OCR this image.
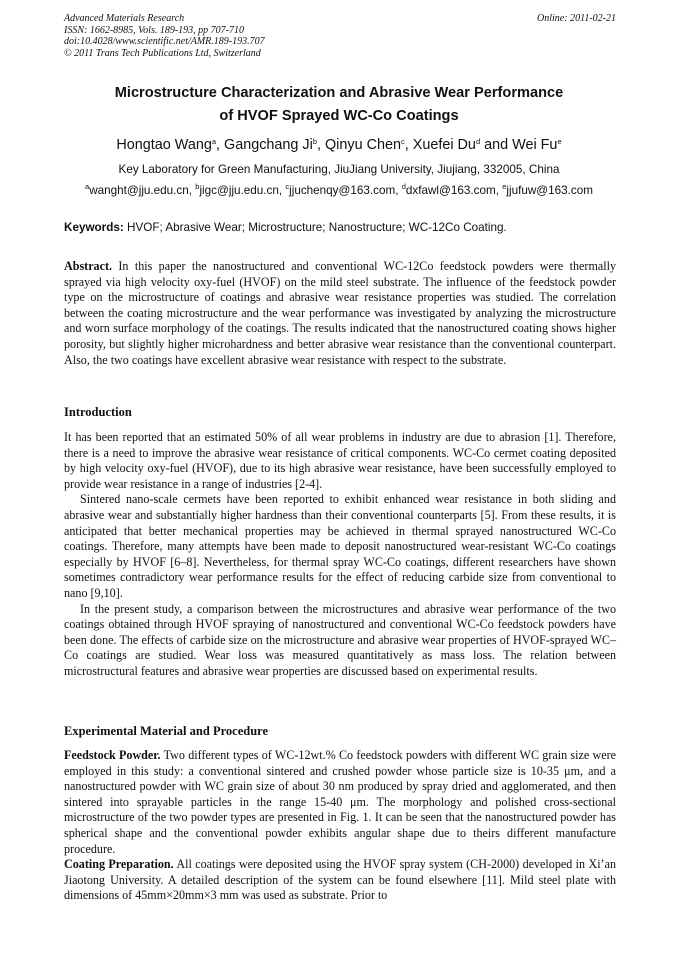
Advanced Materials Research
ISSN: 1662-8985, Vols. 189-193, pp 707-710
doi:10.4028/www.scientific.net/AMR.189-193.707
© 2011 Trans Tech Publications Ltd, Switzerland
Online: 2011-02-21
Microstructure Characterization and Abrasive Wear Performance
of HVOF Sprayed WC-Co Coatings
Hongtao Wang$^a$, Gangchang Ji$^b$, Qinyu Chen$^c$, Xuefei Du$^d$ and Wei Fu$^e$
Key Laboratory for Green Manufacturing, JiuJiang University, Jiujiang, 332005, China
$^a$wanght@jju.edu.cn, $^b$jigc@jju.edu.cn, $^c$jjuchenqy@163.com, $^d$dxfawl@163.com, $^e$jjufuw@163.com
Keywords: HVOF; Abrasive Wear; Microstructure; Nanostructure; WC-12Co Coating.

Abstract. In this paper the nanostructured and conventional WC-12Co feedstock powders were thermally sprayed via high velocity oxy-fuel (HVOF) on the mild steel substrate. The influence of the feedstock powder type on the microstructure of coatings and abrasive wear resistance properties was studied. The correlation between the coating microstructure and the wear performance was investigated by analyzing the microstructure and worn surface morphology of the coatings. The results indicated that the nanostructured coating shows higher porosity, but slightly higher microhardness and better abrasive wear resistance than the conventional counterpart. Also, the two coatings have excellent abrasive wear resistance with respect to the substrate.

Introduction

It has been reported that an estimated 50% of all wear problems in industry are due to abrasion [1]. Therefore, there is a need to improve the abrasive wear resistance of critical components. WC-Co cermet coating deposited by high velocity oxy-fuel (HVOF), due to its high abrasive wear resistance, have been successfully employed to provide wear resistance in a range of industries [2-4].

Sintered nano-scale cermets have been reported to exhibit enhanced wear resistance in both sliding and abrasive wear and substantially higher hardness than their conventional counterparts [5]. From these results, it is anticipated that better mechanical properties may be achieved in thermal sprayed nanostructured WC-Co coatings. Therefore, many attempts have been made to deposit nanostructured wear-resistant WC-Co coatings especially by HVOF [6–8]. Nevertheless, for thermal spray WC-Co coatings, different researchers have shown sometimes contradictory wear performance results for the effect of reducing carbide size from conventional to nano [9,10].

In the present study, a comparison between the microstructures and abrasive wear performance of the two coatings obtained through HVOF spraying of nanostructured and conventional WC-Co feedstock powders have been done. The effects of carbide size on the microstructure and abrasive wear properties of HVOF-sprayed WC–Co coatings are studied. Wear loss was measured quantitatively as mass loss. The relation between microstructural features and abrasive wear properties are discussed based on experimental results.

Experimental Material and Procedure

Feedstock Powder. Two different types of WC-12wt.% Co feedstock powders with different WC grain size were employed in this study: a conventional sintered and crushed powder whose particle size is 10-35 μm, and a nanostructured powder with WC grain size of about 30 nm produced by spray dried and agglomerated, and then sintered into sprayable particles in the range 15-40 μm. The morphology and polished cross-sectional microstructure of the two powder types are presented in Fig. 1. It can be seen that the nanostructured powder has spherical shape and the conventional powder exhibits angular shape due to theirs different manufacture procedure.

Coating Preparation. All coatings were deposited using the HVOF spray system (CH-2000) developed in Xi’an Jiaotong University. A detailed description of the system can be found elsewhere [11]. Mild steel plate with dimensions of 45mm×20mm×3 mm was used as substrate. Prior to
